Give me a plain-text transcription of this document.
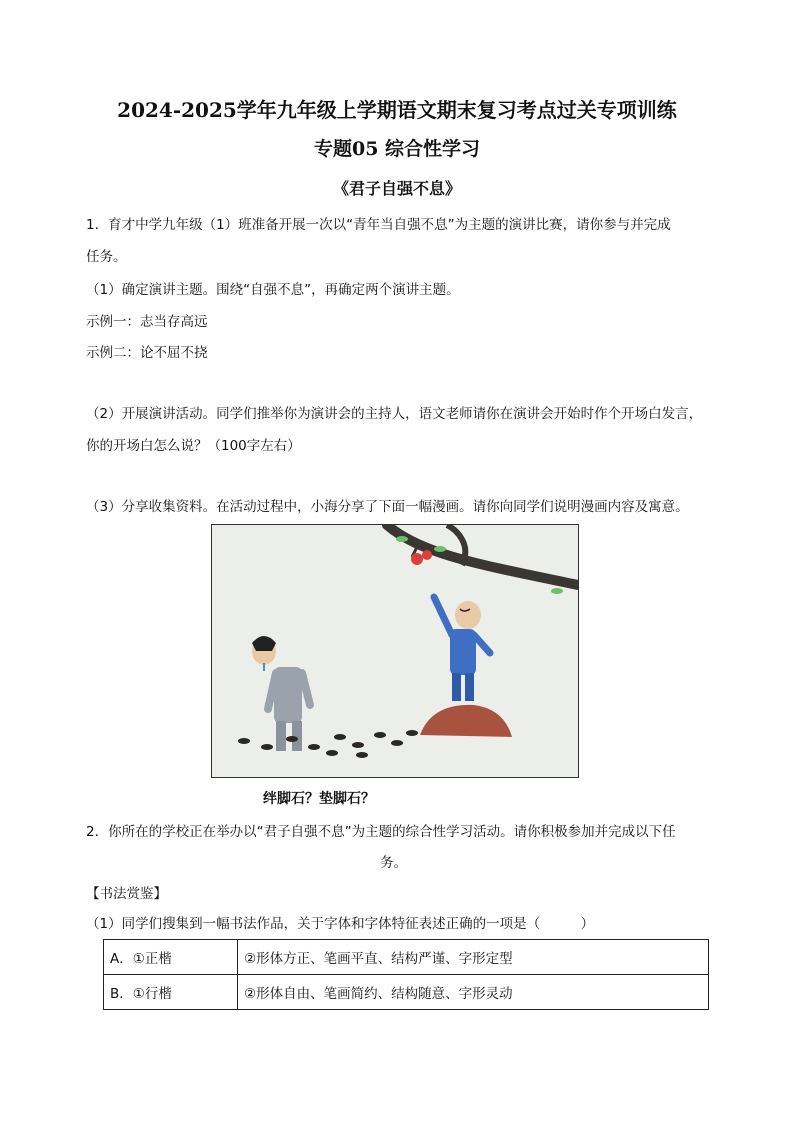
2024-2025学年九年级上学期语文期末复习考点过关专项训练
专题05 综合性学习
《君子自强不息》
1．育才中学九年级（1）班准备开展一次以“青年当自强不息”为主题的演讲比赛，请你参与并完成
任务。
（1）确定演讲主题。围绕“自强不息”，再确定两个演讲主题。
示例一：志当存高远
示例二：论不屈不挠
（2）开展演讲活动。同学们推举你为演讲会的主持人，语文老师请你在演讲会开始时作个开场白发言，
你的开场白怎么说？（100字左右）
（3）分享收集资料。在活动过程中，小海分享了下面一幅漫画。请你向同学们说明漫画内容及寓意。
绊脚石？垫脚石？
2．你所在的学校正在举办以“君子自强不息”为主题的综合性学习活动。请你积极参加并完成以下任
务。
【书法赏鉴】
（1）同学们搜集到一幅书法作品，关于字体和字体特征表述正确的一项是（　　　）
A．①正楷	②形体方正、笔画平直、结构严谨、字形定型
B．①行楷	②形体自由、笔画简约、结构随意、字形灵动
